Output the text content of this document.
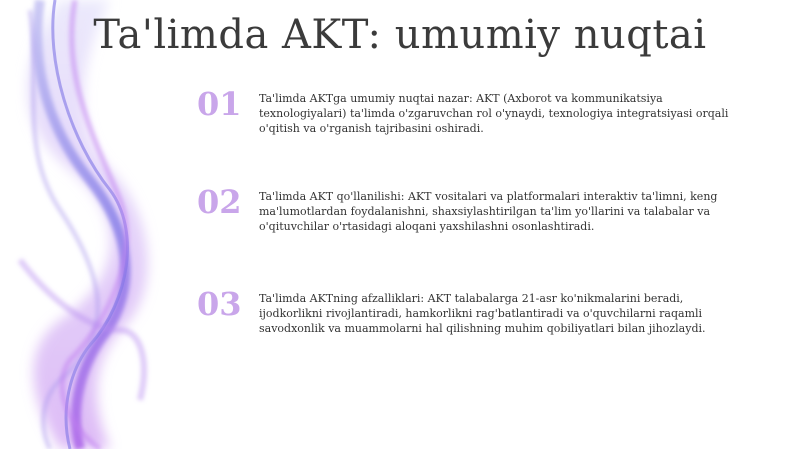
Ta'limda AKT: umumiy nuqtai
01	Ta'limda AKTga umumiy nuqtai nazar: AKT (Axborot va kommunikatsiya texnologiyalari) ta'limda o'zgaruvchan rol o'ynaydi, texnologiya integratsiyasi orqali o'qitish va o'rganish tajribasini oshiradi.
02	Ta'limda AKT qo'llanilishi: AKT vositalari va platformalari interaktiv ta'limni, keng ma'lumotlardan foydalanishni, shaxsiylashtirilgan ta'lim yo'llarini va talabalar va o'qituvchilar o'rtasidagi aloqani yaxshilashni osonlashtiradi.
03	Ta'limda AKTning afzalliklari: AKT talabalarga 21-asr ko'nikmalarini beradi, ijodkorlikni rivojlantiradi, hamkorlikni rag'batlantiradi va o'quvchilarni raqamli savodxonlik va muammolarni hal qilishning muhim qobiliyatlari bilan jihozlaydi.
